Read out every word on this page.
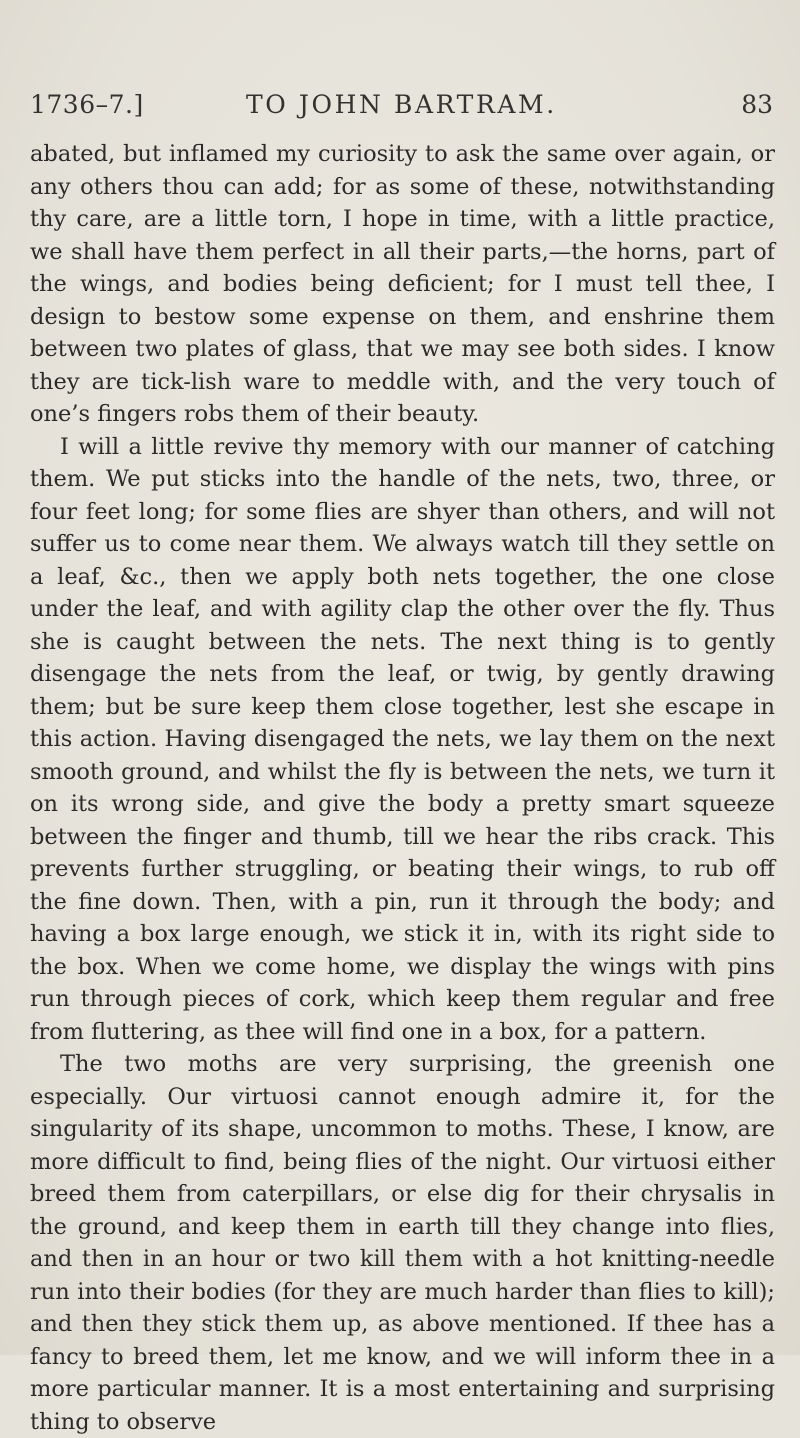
1736–7.]	TO JOHN BARTRAM.	83

abated, but inflamed my curiosity to ask the same over again, or any others thou can add; for as some of these, notwithstanding thy care, are a little torn, I hope in time, with a little practice, we shall have them perfect in all their parts,—the horns, part of the wings, and bodies being deficient; for I must tell thee, I design to bestow some expense on them, and enshrine them between two plates of glass, that we may see both sides. I know they are tick-lish ware to meddle with, and the very touch of one’s fingers robs them of their beauty.

I will a little revive thy memory with our manner of catching them. We put sticks into the handle of the nets, two, three, or four feet long; for some flies are shyer than others, and will not suffer us to come near them. We always watch till they settle on a leaf, &c., then we apply both nets together, the one close under the leaf, and with agility clap the other over the fly. Thus she is caught between the nets. The next thing is to gently disengage the nets from the leaf, or twig, by gently drawing them; but be sure keep them close together, lest she escape in this action. Having disengaged the nets, we lay them on the next smooth ground, and whilst the fly is between the nets, we turn it on its wrong side, and give the body a pretty smart squeeze between the finger and thumb, till we hear the ribs crack. This prevents further struggling, or beating their wings, to rub off the fine down. Then, with a pin, run it through the body; and having a box large enough, we stick it in, with its right side to the box. When we come home, we display the wings with pins run through pieces of cork, which keep them regular and free from fluttering, as thee will find one in a box, for a pattern.

The two moths are very surprising, the greenish one especially. Our virtuosi cannot enough admire it, for the singularity of its shape, uncommon to moths. These, I know, are more difficult to find, being flies of the night. Our virtuosi either breed them from caterpillars, or else dig for their chrysalis in the ground, and keep them in earth till they change into flies, and then in an hour or two kill them with a hot knitting-needle run into their bodies (for they are much harder than flies to kill); and then they stick them up, as above mentioned. If thee has a fancy to breed them, let me know, and we will inform thee in a more particular manner. It is a most entertaining and surprising thing to observe
